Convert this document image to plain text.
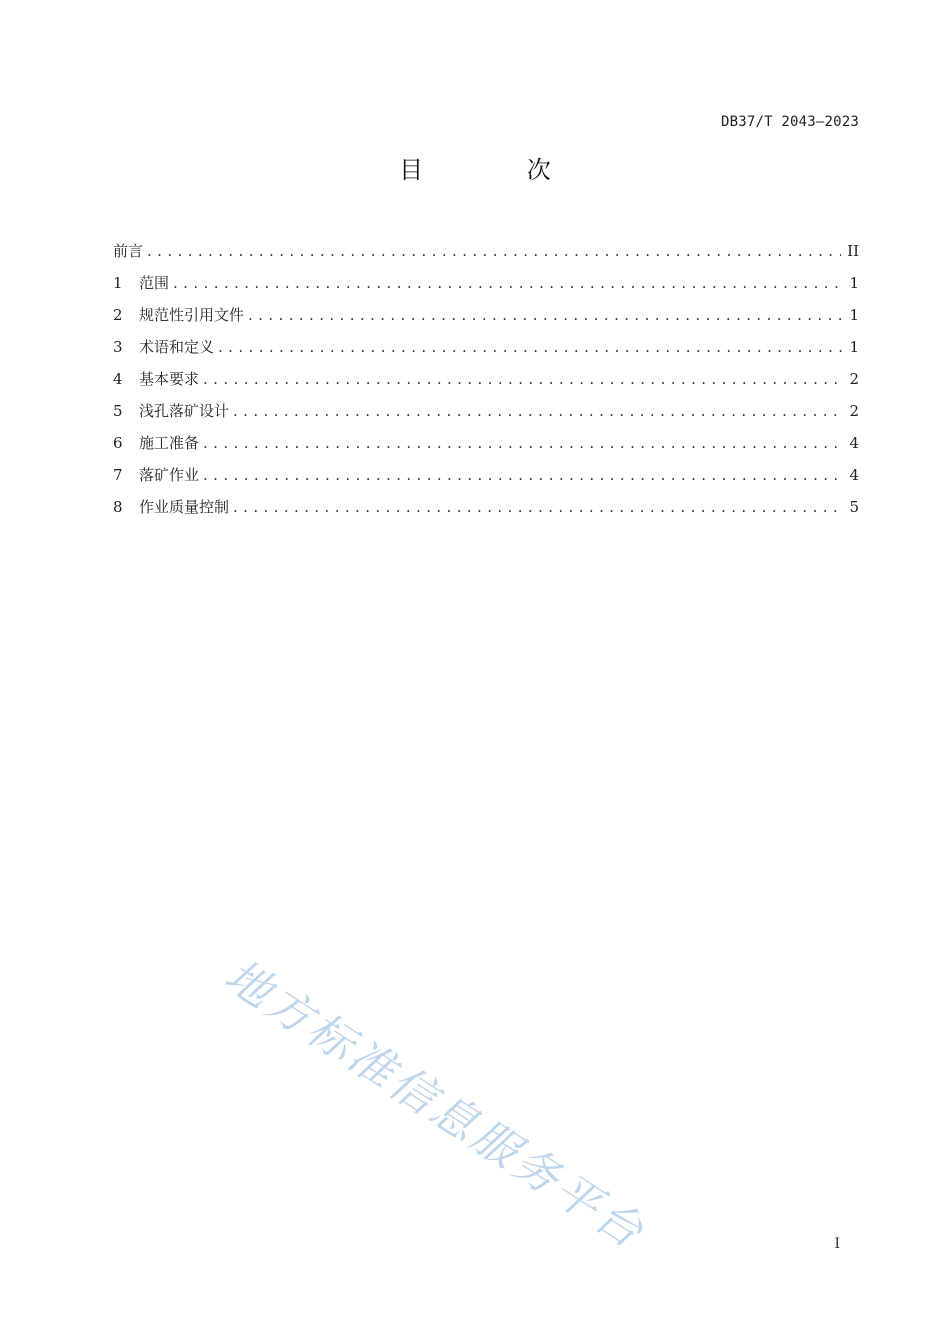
DB37/T 2043—2023
目 次
前言 .....	II
1	范围 .....	1
2	规范性引用文件 .....	1
3	术语和定义 .....	1
4	基本要求 .....	2
5	浅孔落矿设计 .....	2
6	施工准备 .....	4
7	落矿作业 .....	4
8	作业质量控制 .....	5
地方标准信息服务平台	I
